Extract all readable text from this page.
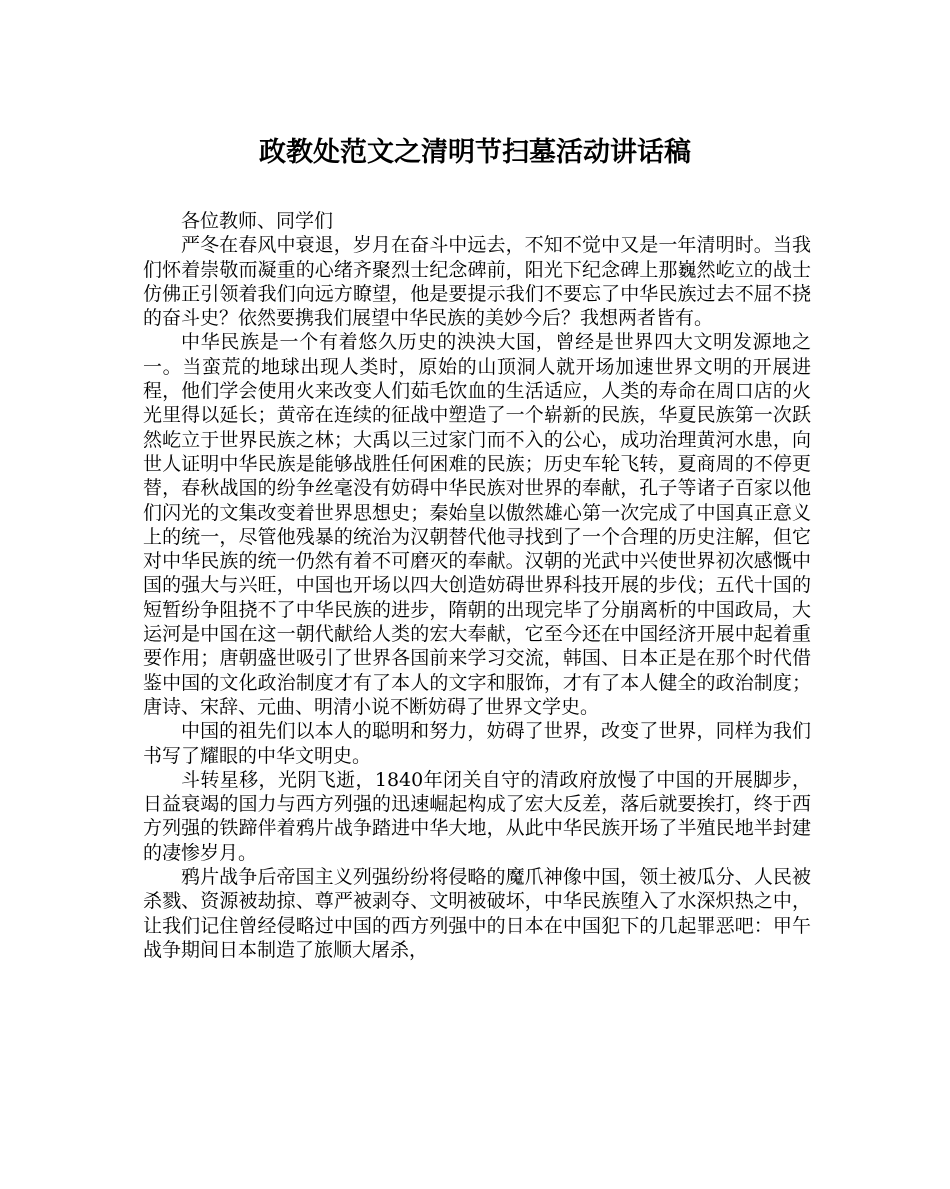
政教处范文之清明节扫墓活动讲话稿

各位教师、同学们

严冬在春风中衰退，岁月在奋斗中远去，不知不觉中又是一年清明时。当我们怀着崇敬而凝重的心绪齐聚烈士纪念碑前，阳光下纪念碑上那巍然屹立的战士仿佛正引领着我们向远方瞭望，他是要提示我们不要忘了中华民族过去不屈不挠的奋斗史？依然要携我们展望中华民族的美妙今后？我想两者皆有。

中华民族是一个有着悠久历史的泱泱大国，曾经是世界四大文明发源地之一。当蛮荒的地球出现人类时，原始的山顶洞人就开场加速世界文明的开展进程，他们学会使用火来改变人们茹毛饮血的生活适应，人类的寿命在周口店的火光里得以延长；黄帝在连续的征战中塑造了一个崭新的民族，华夏民族第一次跃然屹立于世界民族之林；大禹以三过家门而不入的公心，成功治理黄河水患，向世人证明中华民族是能够战胜任何困难的民族；历史车轮飞转，夏商周的不停更替，春秋战国的纷争丝毫没有妨碍中华民族对世界的奉献，孔子等诸子百家以他们闪光的文集改变着世界思想史；秦始皇以傲然雄心第一次完成了中国真正意义上的统一，尽管他残暴的统治为汉朝替代他寻找到了一个合理的历史注解，但它对中华民族的统一仍然有着不可磨灭的奉献。汉朝的光武中兴使世界初次感慨中国的强大与兴旺，中国也开场以四大创造妨碍世界科技开展的步伐；五代十国的短暂纷争阻挠不了中华民族的进步，隋朝的出现完毕了分崩离析的中国政局，大运河是中国在这一朝代献给人类的宏大奉献，它至今还在中国经济开展中起着重要作用；唐朝盛世吸引了世界各国前来学习交流，韩国、日本正是在那个时代借鉴中国的文化政治制度才有了本人的文字和服饰，才有了本人健全的政治制度；唐诗、宋辞、元曲、明清小说不断妨碍了世界文学史。

中国的祖先们以本人的聪明和努力，妨碍了世界，改变了世界，同样为我们书写了耀眼的中华文明史。

斗转星移，光阴飞逝，1840年闭关自守的清政府放慢了中国的开展脚步，日益衰竭的国力与西方列强的迅速崛起构成了宏大反差，落后就要挨打，终于西方列强的铁蹄伴着鸦片战争踏进中华大地，从此中华民族开场了半殖民地半封建的凄惨岁月。

鸦片战争后帝国主义列强纷纷将侵略的魔爪神像中国，领土被瓜分、人民被杀戮、资源被劫掠、尊严被剥夺、文明被破坏，中华民族堕入了水深炽热之中，让我们记住曾经侵略过中国的西方列强中的日本在中国犯下的几起罪恶吧：甲午战争期间日本制造了旅顺大屠杀，
